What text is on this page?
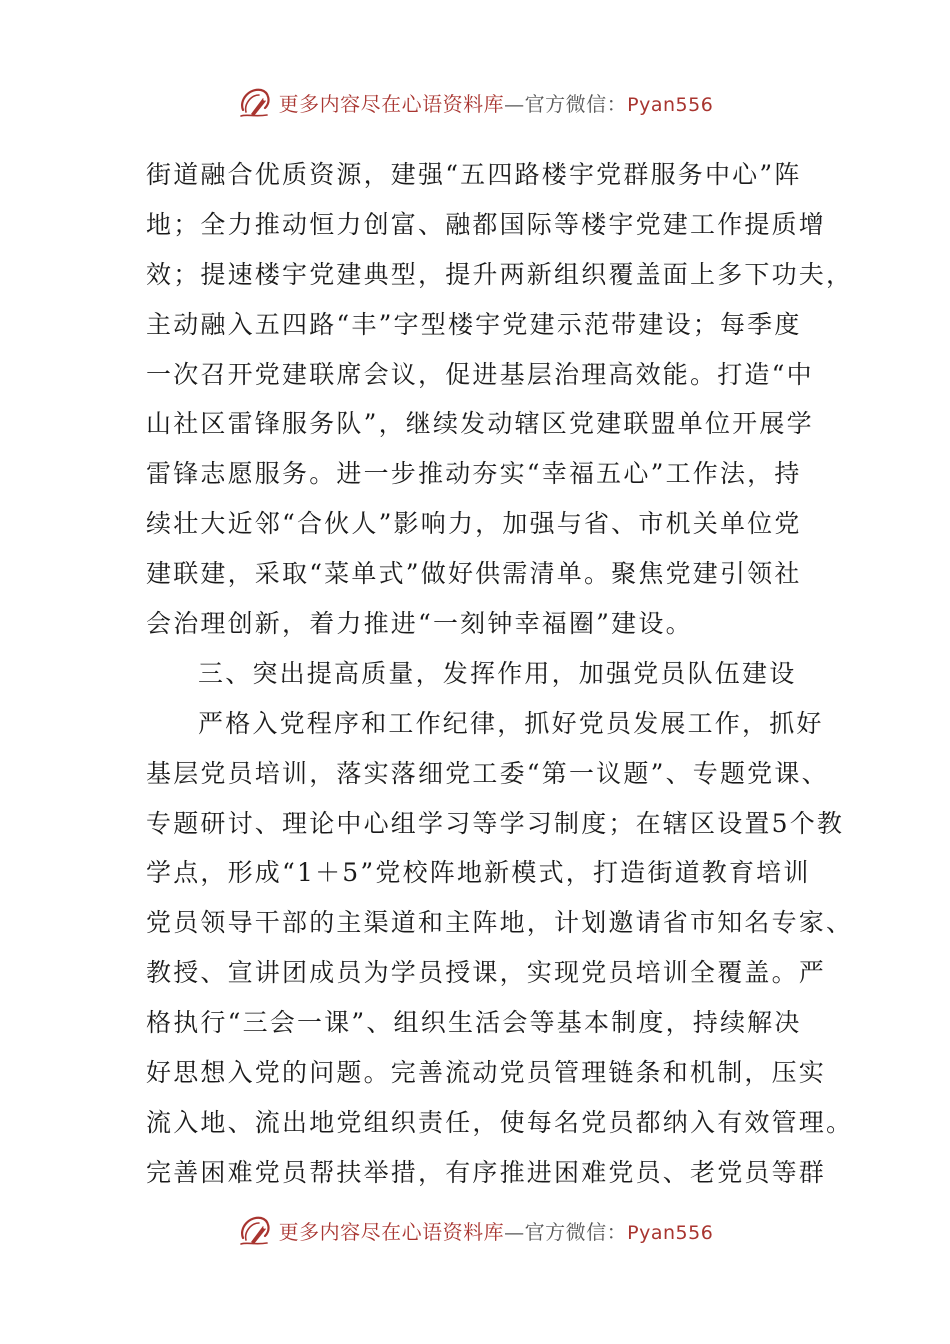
更多内容尽在心语资料库—官方微信：Pyan556
街道融合优质资源，建强“五四路楼宇党群服务中心”阵
地；全力推动恒力创富、融都国际等楼宇党建工作提质增
效；提速楼宇党建典型，提升两新组织覆盖面上多下功夫，
主动融入五四路“丰”字型楼宇党建示范带建设；每季度
一次召开党建联席会议，促进基层治理高效能。打造“中
山社区雷锋服务队”，继续发动辖区党建联盟单位开展学
雷锋志愿服务。进一步推动夯实“幸福五心”工作法，持
续壮大近邻“合伙人”影响力，加强与省、市机关单位党
建联建，采取“菜单式”做好供需清单。聚焦党建引领社
会治理创新，着力推进“一刻钟幸福圈”建设。
三、突出提高质量，发挥作用，加强党员队伍建设
严格入党程序和工作纪律，抓好党员发展工作，抓好
基层党员培训，落实落细党工委“第一议题”、专题党课、
专题研讨、理论中心组学习等学习制度；在辖区设置5个教
学点，形成“1＋5”党校阵地新模式，打造街道教育培训
党员领导干部的主渠道和主阵地，计划邀请省市知名专家、
教授、宣讲团成员为学员授课，实现党员培训全覆盖。严
格执行“三会一课”、组织生活会等基本制度，持续解决
好思想入党的问题。完善流动党员管理链条和机制，压实
流入地、流出地党组织责任，使每名党员都纳入有效管理。
完善困难党员帮扶举措，有序推进困难党员、老党员等群
更多内容尽在心语资料库—官方微信：Pyan556
